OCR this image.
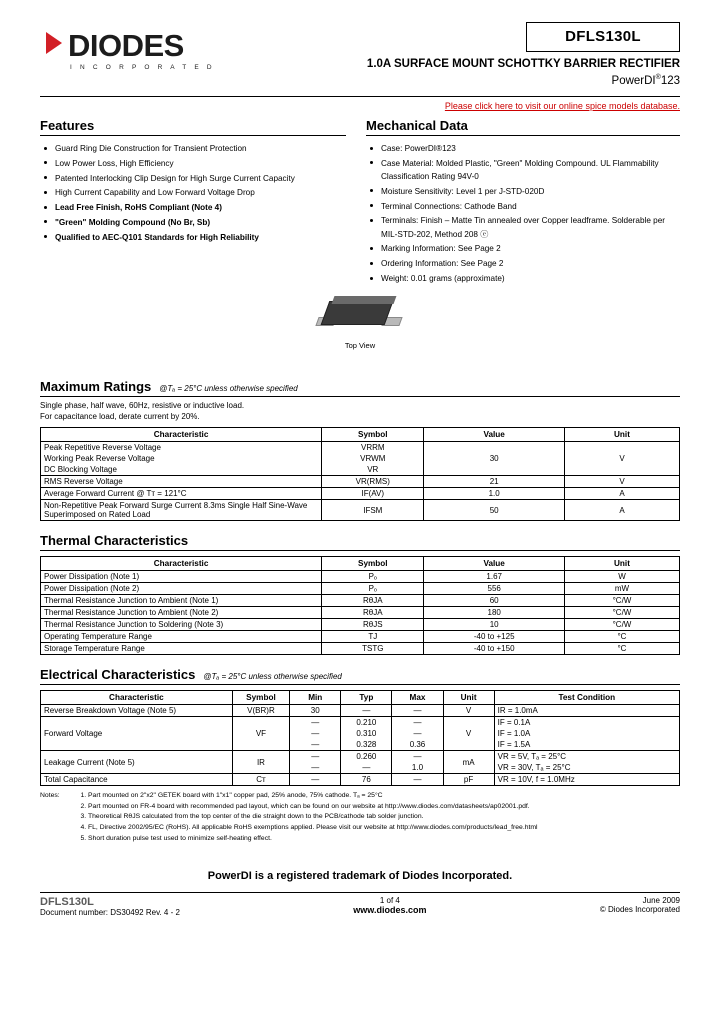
DIODES
I N C O R P O R A T E D
DFLS130L
1.0A SURFACE MOUNT SCHOTTKY BARRIER RECTIFIER
PowerDI®123
Please click here to visit our online spice models database.
Features
Guard Ring Die Construction for Transient Protection
Low Power Loss, High Efficiency
Patented Interlocking Clip Design for High Surge Current Capacity
High Current Capability and Low Forward Voltage Drop
Lead Free Finish, RoHS Compliant (Note 4)
"Green" Molding Compound (No Br, Sb)
Qualified to AEC-Q101 Standards for High Reliability
Mechanical Data
Case: PowerDI®123
Case Material: Molded Plastic, "Green" Molding Compound. UL Flammability Classification Rating 94V-0
Moisture Sensitivity: Level 1 per J-STD-020D
Terminal Connections: Cathode Band
Terminals: Finish – Matte Tin annealed over Copper leadframe. Solderable per MIL-STD-202, Method 208 ⓔ
Marking Information: See Page 2
Ordering Information: See Page 2
Weight: 0.01 grams (approximate)
Top View
Maximum Ratings @Tₐ = 25°C unless otherwise specified
Single phase, half wave, 60Hz, resistive or inductive load.
For capacitance load, derate current by 20%.
Characteristic	Symbol	Value	Unit
Peak Repetitive Reverse Voltage	VRRM	30	V
Working Peak Reverse Voltage	VRWM		
DC Blocking Voltage	VR		
RMS Reverse Voltage	VR(RMS)	21	V
Average Forward Current @ Tᴛ = 121°C	IF(AV)	1.0	A
Non-Repetitive Peak Forward Surge Current 8.3ms Single Half Sine-Wave Superimposed on Rated Load	IFSM	50	A
Thermal Characteristics
Characteristic	Symbol	Value	Unit
Power Dissipation (Note 1)	Pₒ	1.67	W
Power Dissipation (Note 2)	Pₒ	556	mW
Thermal Resistance Junction to Ambient (Note 1)	RθJA	60	°C/W
Thermal Resistance Junction to Ambient (Note 2)	RθJA	180	°C/W
Thermal Resistance Junction to Soldering (Note 3)	RθJS	10	°C/W
Operating Temperature Range	TJ	-40 to +125	°C
Storage Temperature Range	TSTG	-40 to +150	°C
Electrical Characteristics @Tₐ = 25°C unless otherwise specified
Characteristic	Symbol	Min	Typ	Max	Unit	Test Condition
Reverse Breakdown Voltage (Note 5)	V(BR)R	30	—	—	V	IR = 1.0mA
Forward Voltage	VF	—	0.210	—	V	IF = 0.1A
		—	0.310	—		IF = 1.0A
		—	0.328	0.36		IF = 1.5A
Leakage Current (Note 5)	IR	—	0.260	—	mA	VR = 5V, Tₐ = 25°C
		—	—	1.0		VR = 30V, Tₐ = 25°C
Total Capacitance	Cᴛ	—	76	—	pF	VR = 10V, f = 1.0MHz
Notes:	1. Part mounted on 2"x2" GETEK board with 1"x1" copper pad, 25% anode, 75% cathode. Tₐ = 25°C
2. Part mounted on FR-4 board with recommended pad layout, which can be found on our website at http://www.diodes.com/datasheets/ap02001.pdf.
3. Theoretical RθJS calculated from the top center of the die straight down to the PCB/cathode tab solder junction.
4. FL, Directive 2002/95/EC (RoHS). All applicable RoHS exemptions applied. Please visit our website at http://www.diodes.com/products/lead_free.html
5. Short duration pulse test used to minimize self-heating effect.
PowerDI is a registered trademark of Diodes Incorporated.
DFLS130L
Document number: DS30492 Rev. 4 - 2
1 of 4
www.diodes.com
June 2009
© Diodes Incorporated
